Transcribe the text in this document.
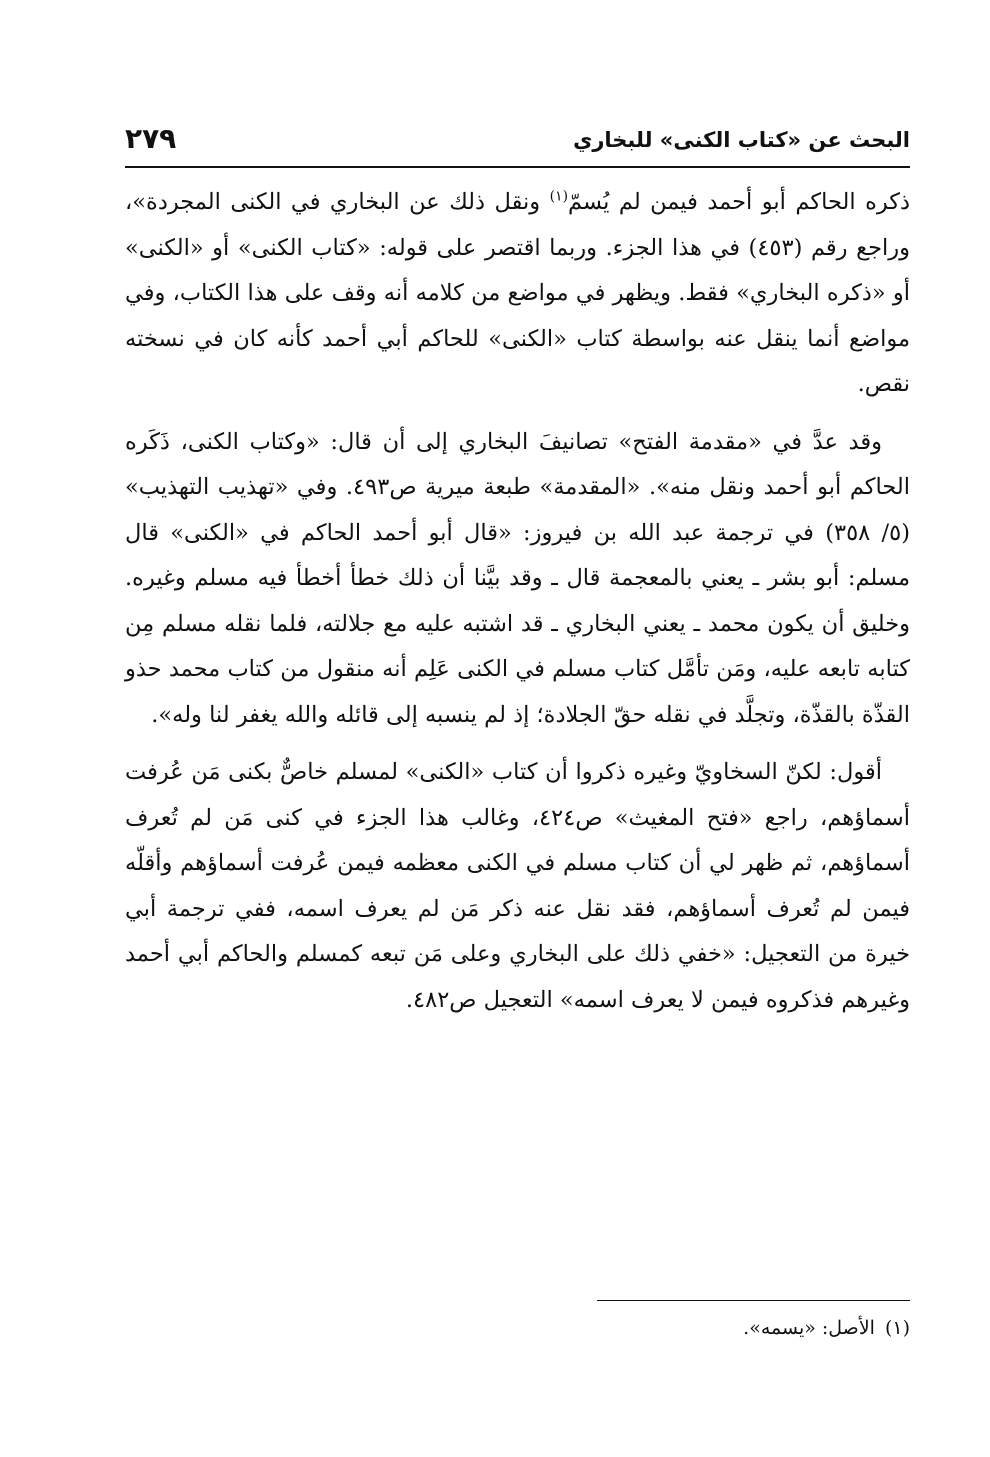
البحث عن «كتاب الكنى» للبخاري
٢٧٩

ذكره الحاكم أبو أحمد فيمن لم يُسمّ$^{(١)}$ ونقل ذلك عن البخاري في الكنى المجردة»، وراجع رقم (٤٥٣) في هذا الجزء. وربما اقتصر على قوله: «كتاب الكنى» أو «الكنى» أو «ذكره البخاري» فقط. ويظهر في مواضع من كلامه أنه وقف على هذا الكتاب، وفي مواضع أنما ينقل عنه بواسطة كتاب «الكنى» للحاكم أبي أحمد كأنه كان في نسخته نقص.

وقد عدَّ في «مقدمة الفتح» تصانيفَ البخاري إلى أن قال: «وكتاب الكنى، ذَكَره الحاكم أبو أحمد ونقل منه». «المقدمة» طبعة ميرية ص٤٩٣. وفي «تهذيب التهذيب» (٥/ ٣٥٨) في ترجمة عبد الله بن فيروز: «قال أبو أحمد الحاكم في «الكنى» قال مسلم: أبو بشر ـ يعني بالمعجمة قال ـ وقد بيَّنا أن ذلك خطأ أخطأ فيه مسلم وغيره. وخليق أن يكون محمد ـ يعني البخاري ـ قد اشتبه عليه مع جلالته، فلما نقله مسلم مِن كتابه تابعه عليه، ومَن تأمَّل كتاب مسلم في الكنى عَلِم أنه منقول من كتاب محمد حذو القذّة بالقذّة، وتجلَّد في نقله حقّ الجلادة؛ إذ لم ينسبه إلى قائله والله يغفر لنا وله».

أقول: لكنّ السخاويّ وغيره ذكروا أن كتاب «الكنى» لمسلم خاصٌّ بكنى مَن عُرفت أسماؤهم، راجع «فتح المغيث» ص٤٢٤، وغالب هذا الجزء في كنى مَن لم تُعرف أسماؤهم، ثم ظهر لي أن كتاب مسلم في الكنى معظمه فيمن عُرفت أسماؤهم وأقلّه فيمن لم تُعرف أسماؤهم، فقد نقل عنه ذكر مَن لم يعرف اسمه، ففي ترجمة أبي خيرة من التعجيل: «خفي ذلك على البخاري وعلى مَن تبعه كمسلم والحاكم أبي أحمد وغيرهم فذكروه فيمن لا يعرف اسمه» التعجيل ص٤٨٢.

(١)الأصل: «يسمه».
